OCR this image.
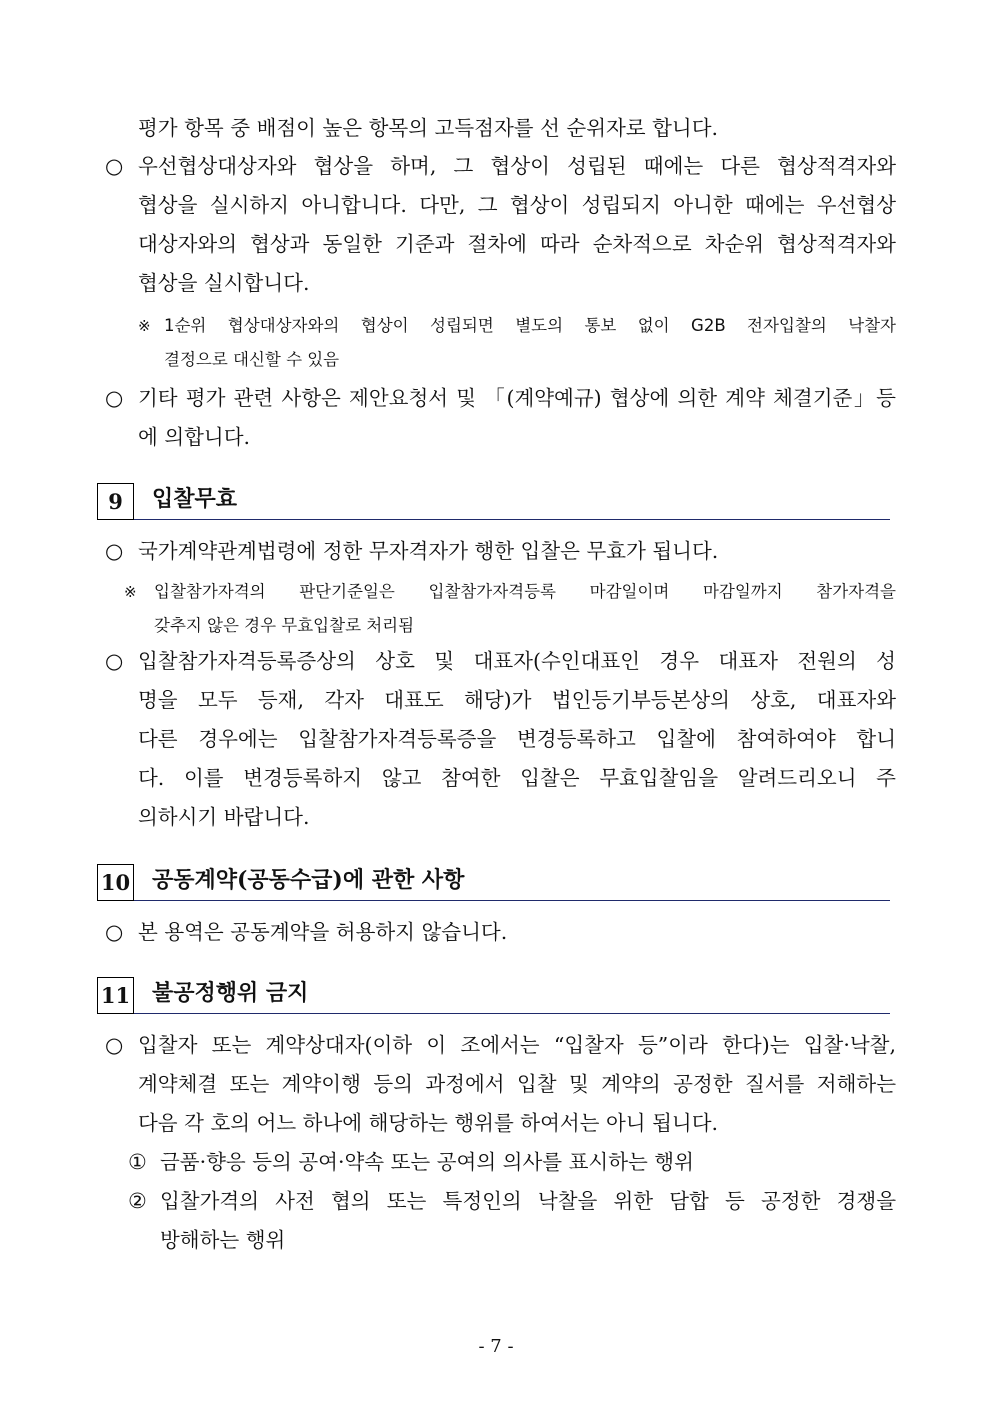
평가 항목 중 배점이 높은 항목의 고득점자를 선 순위자로 합니다.
○ 우선협상대상자와 협상을 하며, 그 협상이 성립된 때에는 다른 협상적격자와
협상을 실시하지 아니합니다. 다만, 그 협상이 성립되지 아니한 때에는 우선협상
대상자와의 협상과 동일한 기준과 절차에 따라 순차적으로 차순위 협상적격자와
협상을 실시합니다.
※ 1순위 협상대상자와의 협상이 성립되면 별도의 통보 없이 G2B 전자입찰의 낙찰자
결정으로 대신할 수 있음
○ 기타 평가 관련 사항은 제안요청서 및 「(계약예규) 협상에 의한 계약 체결기준」등
에 의합니다.
9	입찰무효
○ 국가계약관계법령에 정한 무자격자가 행한 입찰은 무효가 됩니다.
※ 입찰참가자격의 판단기준일은 입찰참가자격등록 마감일이며 마감일까지 참가자격을
갖추지 않은 경우 무효입찰로 처리됨
○ 입찰참가자격등록증상의 상호 및 대표자(수인대표인 경우 대표자 전원의 성
명을 모두 등재, 각자 대표도 해당)가 법인등기부등본상의 상호, 대표자와
다른 경우에는 입찰참가자격등록증을 변경등록하고 입찰에 참여하여야 합니
다. 이를 변경등록하지 않고 참여한 입찰은 무효입찰임을 알려드리오니 주
의하시기 바랍니다.
10 공동계약(공동수급)에 관한 사항
○ 본 용역은 공동계약을 허용하지 않습니다.
11 불공정행위 금지
○ 입찰자 또는 계약상대자(이하 이 조에서는 “입찰자 등”이라 한다)는 입찰·낙찰,
계약체결 또는 계약이행 등의 과정에서 입찰 및 계약의 공정한 질서를 저해하는
다음 각 호의 어느 하나에 해당하는 행위를 하여서는 아니 됩니다.
① 금품·향응 등의 공여·약속 또는 공여의 의사를 표시하는 행위
② 입찰가격의 사전 협의 또는 특정인의 낙찰을 위한 담합 등 공정한 경쟁을
방해하는 행위
- 7 -
